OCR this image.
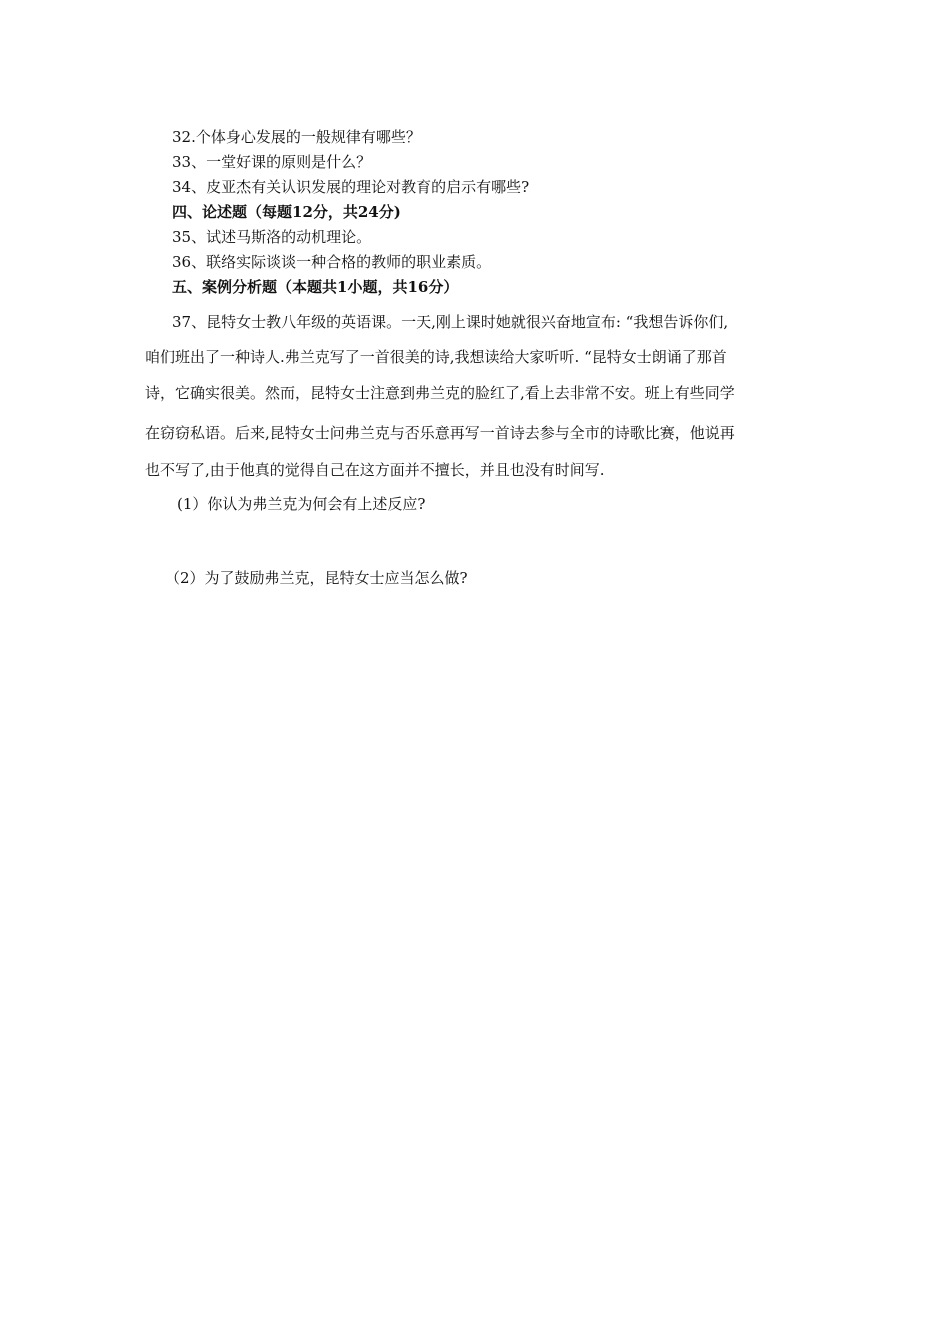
32.个体身心发展的一般规律有哪些？
33、一堂好课的原则是什么？
34、皮亚杰有关认识发展的理论对教育的启示有哪些?
四、论述题（每题12分，共24分)
35、试述马斯洛的动机理论。
36、联络实际谈谈一种合格的教师的职业素质。
五、案例分析题（本题共1小题，共16分）
37、昆特女士教八年级的英语课。一天,刚上课时她就很兴奋地宣布: “我想告诉你们,
咱们班出了一种诗人.弗兰克写了一首很美的诗,我想读给大家听听. “昆特女士朗诵了那首
诗，它确实很美。然而，昆特女士注意到弗兰克的脸红了,看上去非常不安。班上有些同学
在窃窃私语。后来,昆特女士问弗兰克与否乐意再写一首诗去参与全市的诗歌比赛，他说再
也不写了,由于他真的觉得自己在这方面并不擅长，并且也没有时间写.
(1）你认为弗兰克为何会有上述反应?
（2）为了鼓励弗兰克，昆特女士应当怎么做?
